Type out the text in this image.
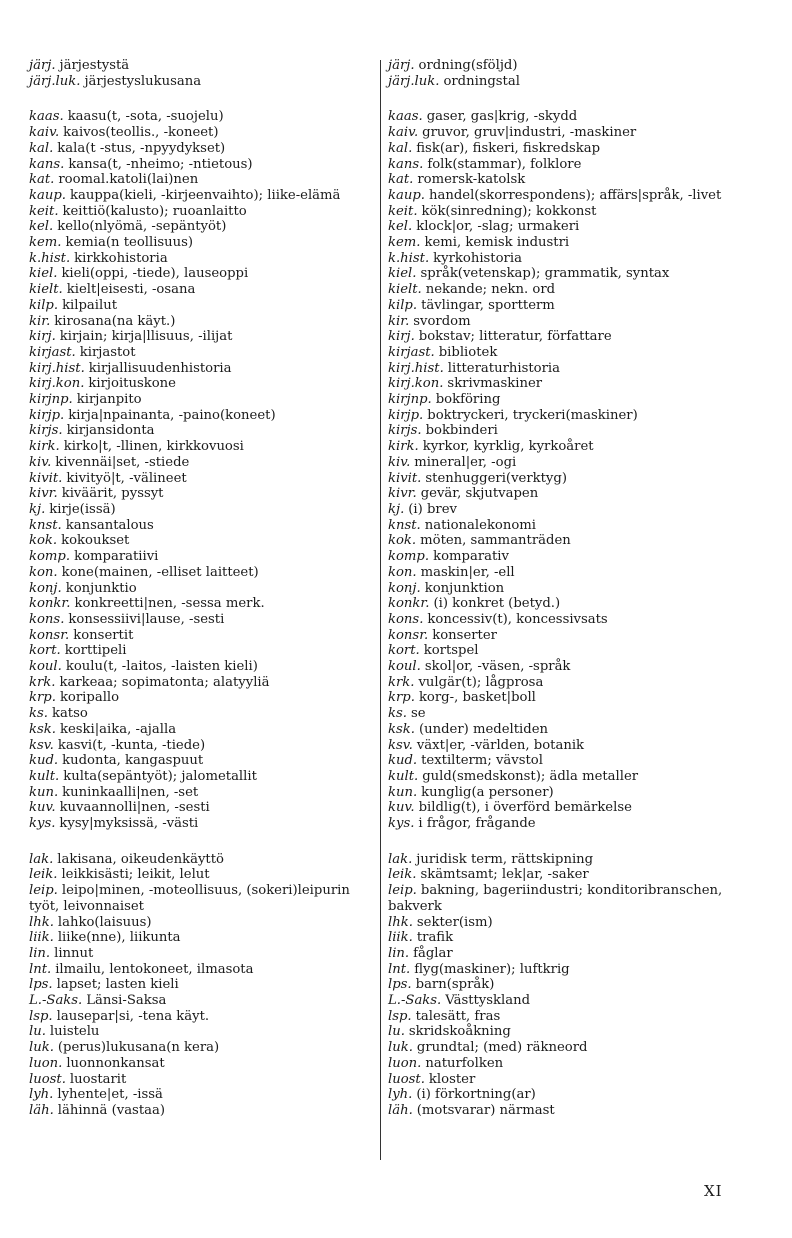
järj. järjestystä

järj.luk. järjestyslukusana

kaas. kaasu(t, -sota, -suojelu)

kaiv. kaivos(teollis., -koneet)

kal. kala(t -stus, -npyydykset)

kans. kansa(t, -nheimo; -ntietous)

kat. roomal.katoli(lai)nen

kaup. kauppa(kieli, -kirjeenvaihto); liike-elämä

keit. keittiö(kalusto); ruoanlaitto

kel. kello(nlyömä, -sepäntyöt)

kem. kemia(n teollisuus)

k.hist. kirkkohistoria

kiel. kieli(oppi, -tiede), lauseoppi

kielt. kielt|eisesti, -osana

kilp. kilpailut

kir. kirosana(na käyt.)

kirj. kirjain; kirja|llisuus, -ilijat

kirjast. kirjastot

kirj.hist. kirjallisuudenhistoria

kirj.kon. kirjoituskone

kirjnp. kirjanpito

kirjp. kirja|npainanta, -paino(koneet)

kirjs. kirjansidonta

kirk. kirko|t, -llinen, kirkkovuosi

kiv. kivennäi|set, -stiede

kivit. kivityö|t, -välineet

kivr. kiväärit, pyssyt

kj. kirje(issä)

knst. kansantalous

kok. kokoukset

komp. komparatiivi

kon. kone(mainen, -elliset laitteet)

konj. konjunktio

konkr. konkreetti|nen, -sessa merk.

kons. konsessiivi|lause, -sesti

konsr. konsertit

kort. korttipeli

koul. koulu(t, -laitos, -laisten kieli)

krk. karkeaa; sopimatonta; alatyyliä

krp. koripallo

ks. katso

ksk. keski|aika, -ajalla

ksv. kasvi(t, -kunta, -tiede)

kud. kudonta, kangaspuut

kult. kulta(sepäntyöt); jalometallit

kun. kuninkaalli|nen, -set

kuv. kuvaannolli|nen, -sesti

kys. kysy|myksissä, -västi

lak. lakisana, oikeudenkäyttö

leik. leikkisästi; leikit, lelut

leip. leipo|minen, -moteollisuus, (sokeri)leipurin työt, leivonnaiset

lhk. lahko(laisuus)

liik. liike(nne), liikunta

lin. linnut

lnt. ilmailu, lentokoneet, ilmasota

lps. lapset; lasten kieli

L.-Saks. Länsi-Saksa

lsp. lausepar|si, -tena käyt.

lu. luistelu

luk. (perus)lukusana(n kera)

luon. luonnonkansat

luost. luostarit

lyh. lyhente|et, -issä

läh. lähinnä (vastaa)

järj. ordning(sföljd)

järj.luk. ordningstal

kaas. gaser, gas|krig, -skydd

kaiv. gruvor, gruv|industri, -maskiner

kal. fisk(ar), fiskeri, fiskredskap

kans. folk(stammar), folklore

kat. romersk-katolsk

kaup. handel(skorrespondens); affärs|språk, -livet

keit. kök(sinredning); kokkonst

kel. klock|or, -slag; urmakeri

kem. kemi, kemisk industri

k.hist. kyrkohistoria

kiel. språk(vetenskap); grammatik, syntax

kielt. nekande; nekn. ord

kilp. tävlingar, sportterm

kir. svordom

kirj. bokstav; litteratur, författare

kirjast. bibliotek

kirj.hist. litteraturhistoria

kirj.kon. skrivmaskiner

kirjnp. bokföring

kirjp. boktryckeri, tryckeri(maskiner)

kirjs. bokbinderi

kirk. kyrkor, kyrklig, kyrkoåret

kiv. mineral|er, -ogi

kivit. stenhuggeri(verktyg)

kivr. gevär, skjutvapen

kj. (i) brev

knst. nationalekonomi

kok. möten, sammanträden

komp. komparativ

kon. maskin|er, -ell

konj. konjunktion

konkr. (i) konkret (betyd.)

kons. koncessiv(t), koncessivsats

konsr. konserter

kort. kortspel

koul. skol|or, -väsen, -språk

krk. vulgär(t); lågprosa

krp. korg-, basket|boll

ks. se

ksk. (under) medeltiden

ksv. växt|er, -världen, botanik

kud. textilterm; vävstol

kult. guld(smedskonst); ädla metaller

kun. kunglig(a personer)

kuv. bildlig(t), i överförd bemärkelse

kys. i frågor, frågande

lak. juridisk term, rättskipning

leik. skämtsamt; lek|ar, -saker

leip. bakning, bageriindustri; konditoribranschen, bakverk

lhk. sekter(ism)

liik. trafik

lin. fåglar

lnt. flyg(maskiner); luftkrig

lps. barn(språk)

L.-Saks. Västtyskland

lsp. talesätt, fras

lu. skridskoåkning

luk. grundtal; (med) räkneord

luon. naturfolken

luost. kloster

lyh. (i) förkortning(ar)

läh. (motsvarar) närmast

XI
